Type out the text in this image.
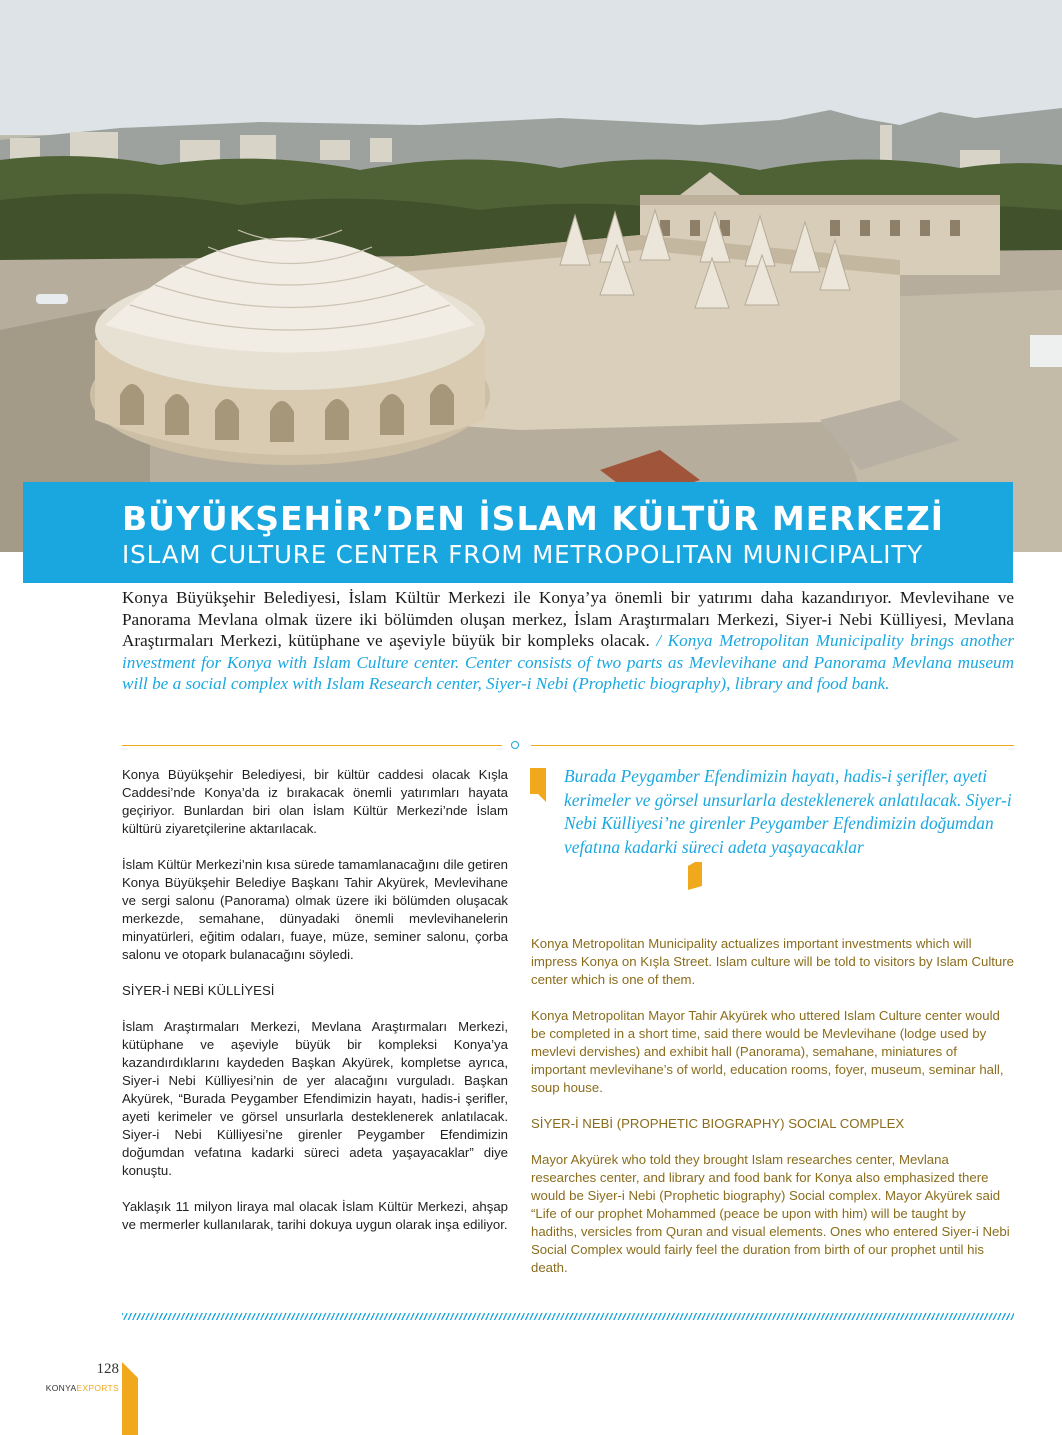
BÜYÜKŞEHİR’DEN İSLAM KÜLTÜR MERKEZİ
ISLAM CULTURE CENTER FROM METROPOLITAN MUNICIPALITY
Konya Büyükşehir Belediyesi, İslam Kültür Merkezi ile Konya’ya önemli bir yatırımı daha kazandırıyor. Mevlevihane ve Panorama Mevlana olmak üzere iki bölümden oluşan merkez, İslam Araştırmaları Merkezi, Siyer-i Nebi Külliyesi, Mevlana Araştırmaları Merkezi, kütüphane ve aşeviyle büyük bir kompleks olacak. / Konya Metropolitan Municipality brings another investment for Konya with Islam Culture center. Center consists of two parts as Mevlevihane and Panorama Mevlana museum will be a social complex with Islam Research center, Siyer-i Nebi (Prophetic biography), library and food bank.

Konya Büyükşehir Belediyesi, bir kültür caddesi olacak Kışla Caddesi’nde Konya’da iz bırakacak önemli yatırımları hayata geçiriyor. Bunlardan biri olan İslam Kültür Merkezi’nde İslam kültürü ziyaretçilerine aktarılacak.

İslam Kültür Merkezi’nin kısa sürede tamamlanacağını dile getiren Konya Büyükşehir Belediye Başkanı Tahir Akyürek, Mevlevihane ve sergi salonu (Panorama) olmak üzere iki bölümden oluşacak merkezde, semahane, dünyadaki önemli mevlevihanelerin minyatürleri, eğitim odaları, fuaye, müze, seminer salonu, çorba salonu ve otopark bulanacağını söyledi.

SİYER-İ NEBİ KÜLLİYESİ

İslam Araştırmaları Merkezi, Mevlana Araştırmaları Merkezi, kütüphane ve aşeviyle büyük bir kompleksi Konya’ya kazandırdıklarını kaydeden Başkan Akyürek, kompletse ayrıca, Siyer-i Nebi Külliyesi’nin de yer alacağını vurguladı. Başkan Akyürek, “Burada Peygamber Efendimizin hayatı, hadis-i şerifler, ayeti kerimeler ve görsel unsurlarla desteklenerek anlatılacak. Siyer-i Nebi Külliyesi’ne girenler Peygamber Efendimizin doğumdan vefatına kadarki süreci adeta yaşayacaklar” diye konuştu.

Yaklaşık 11 milyon liraya mal olacak İslam Kültür Merkezi, ahşap ve mermerler kullanılarak, tarihi dokuya uygun olarak inşa ediliyor.

Burada Peygamber Efendimizin hayatı, hadis-i şerifler, ayeti kerimeler ve görsel unsurlarla desteklenerek anlatılacak. Siyer-i Nebi Külliyesi’ne girenler Peygamber Efendimizin doğumdan vefatına kadarki süreci adeta yaşayacaklar

Konya Metropolitan Municipality actualizes important investments which will impress Konya on Kışla Street. Islam culture will be told to visitors by Islam Culture center which is one of them.

Konya Metropolitan Mayor Tahir Akyürek who uttered Islam Culture center would be completed in a short time, said there would be Mevlevihane (lodge used by mevlevi dervishes) and exhibit hall (Panorama), semahane, miniatures of important mevlevihane’s of world, education rooms, foyer, museum, seminar hall, soup house.

SİYER-İ NEBİ (PROPHETIC BIOGRAPHY) SOCIAL COMPLEX

Mayor Akyürek who told they brought Islam researches center, Mevlana researches center, and library and food bank for Konya also emphasized there would be Siyer-i Nebi (Prophetic biography) Social complex. Mayor Akyürek said “Life of our prophet Mohammed (peace be upon with him) will be taught by hadiths, versicles from Quran and visual elements. Ones who entered Siyer-i Nebi Social Complex would fairly feel the duration from birth of our prophet until his death.

128
KONYAEXPORTS
